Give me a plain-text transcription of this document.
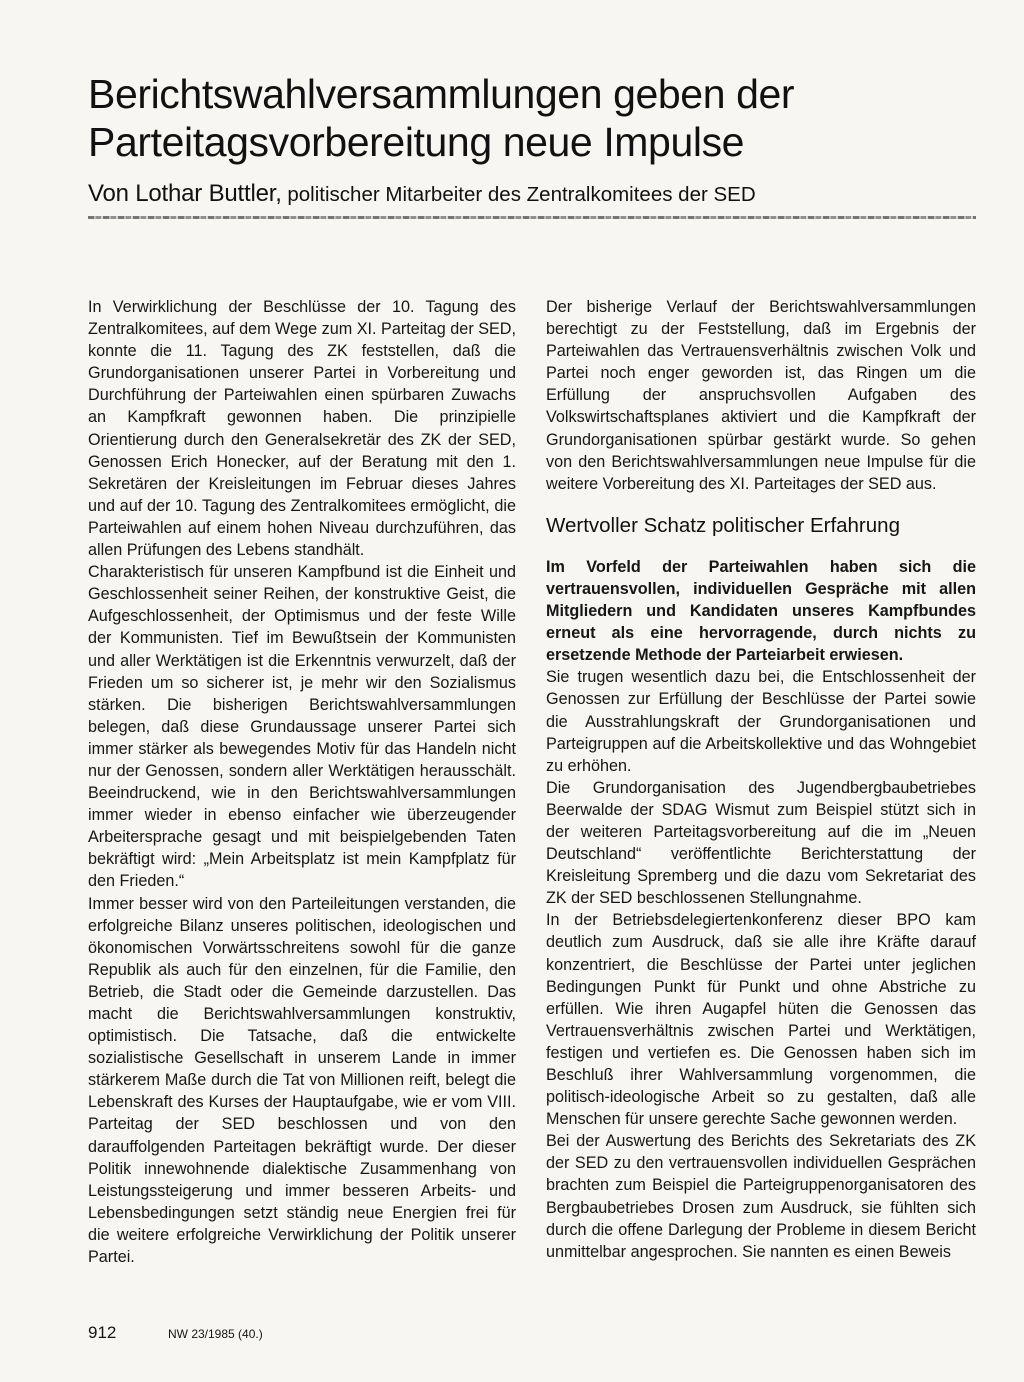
Berichtswahlversammlungen geben der Parteitagsvorbereitung neue Impulse
Von Lothar Buttler, politischer Mitarbeiter des Zentralkomitees der SED

In Verwirklichung der Beschlüsse der 10. Tagung des Zentralkomitees, auf dem Wege zum XI. Parteitag der SED, konnte die 11. Tagung des ZK feststellen, daß die Grundorganisationen unserer Partei in Vorbereitung und Durchführung der Parteiwahlen einen spürbaren Zuwachs an Kampfkraft gewonnen haben. Die prinzipielle Orientierung durch den Generalsekretär des ZK der SED, Genossen Erich Honecker, auf der Beratung mit den 1. Sekretären der Kreisleitungen im Februar dieses Jahres und auf der 10. Tagung des Zentralkomitees ermöglicht, die Parteiwahlen auf einem hohen Niveau durchzuführen, das allen Prüfungen des Lebens standhält.

Charakteristisch für unseren Kampfbund ist die Einheit und Geschlossenheit seiner Reihen, der konstruktive Geist, die Aufgeschlossenheit, der Optimismus und der feste Wille der Kommunisten. Tief im Bewußtsein der Kommunisten und aller Werktätigen ist die Erkenntnis verwurzelt, daß der Frieden um so sicherer ist, je mehr wir den Sozialismus stärken. Die bisherigen Berichtswahlversammlungen belegen, daß diese Grundaussage unserer Partei sich immer stärker als bewegendes Motiv für das Handeln nicht nur der Genossen, sondern aller Werktätigen herausschält. Beeindruckend, wie in den Berichtswahlversammlungen immer wieder in ebenso einfacher wie überzeugender Arbeitersprache gesagt und mit beispielgebenden Taten bekräftigt wird: „Mein Arbeitsplatz ist mein Kampfplatz für den Frieden.“

Immer besser wird von den Parteileitungen verstanden, die erfolgreiche Bilanz unseres politischen, ideologischen und ökonomischen Vorwärtsschreitens sowohl für die ganze Republik als auch für den einzelnen, für die Familie, den Betrieb, die Stadt oder die Gemeinde darzustellen. Das macht die Berichtswahlversammlungen konstruktiv, optimistisch. Die Tatsache, daß die entwickelte sozialistische Gesellschaft in unserem Lande in immer stärkerem Maße durch die Tat von Millionen reift, belegt die Lebenskraft des Kurses der Hauptaufgabe, wie er vom VIII. Parteitag der SED beschlossen und von den darauffolgenden Parteitagen bekräftigt wurde. Der dieser Politik innewohnende dialektische Zusammenhang von Leistungssteigerung und immer besseren Arbeits- und Lebensbedingungen setzt ständig neue Energien frei für die weitere erfolgreiche Verwirklichung der Politik unserer Partei.

Der bisherige Verlauf der Berichtswahlversammlungen berechtigt zu der Feststellung, daß im Ergebnis der Parteiwahlen das Vertrauensverhältnis zwischen Volk und Partei noch enger geworden ist, das Ringen um die Erfüllung der anspruchsvollen Aufgaben des Volkswirtschaftsplanes aktiviert und die Kampfkraft der Grundorganisationen spürbar gestärkt wurde. So gehen von den Berichtswahlversammlungen neue Impulse für die weitere Vorbereitung des XI. Parteitages der SED aus.

Wertvoller Schatz politischer Erfahrung

Im Vorfeld der Parteiwahlen haben sich die vertrauensvollen, individuellen Gespräche mit allen Mitgliedern und Kandidaten unseres Kampfbundes erneut als eine hervorragende, durch nichts zu ersetzende Methode der Parteiarbeit erwiesen.

Sie trugen wesentlich dazu bei, die Entschlossenheit der Genossen zur Erfüllung der Beschlüsse der Partei sowie die Ausstrahlungskraft der Grundorganisationen und Parteigruppen auf die Arbeitskollektive und das Wohngebiet zu erhöhen.

Die Grundorganisation des Jugendbergbaubetriebes Beerwalde der SDAG Wismut zum Beispiel stützt sich in der weiteren Parteitagsvorbereitung auf die im „Neuen Deutschland“ veröffentlichte Berichterstattung der Kreisleitung Spremberg und die dazu vom Sekretariat des ZK der SED beschlossenen Stellungnahme.

In der Betriebsdelegiertenkonferenz dieser BPO kam deutlich zum Ausdruck, daß sie alle ihre Kräfte darauf konzentriert, die Beschlüsse der Partei unter jeglichen Bedingungen Punkt für Punkt und ohne Abstriche zu erfüllen. Wie ihren Augapfel hüten die Genossen das Vertrauensverhältnis zwischen Partei und Werktätigen, festigen und vertiefen es. Die Genossen haben sich im Beschluß ihrer Wahlversammlung vorgenommen, die politisch-ideologische Arbeit so zu gestalten, daß alle Menschen für unsere gerechte Sache gewonnen werden.

Bei der Auswertung des Berichts des Sekretariats des ZK der SED zu den vertrauensvollen individuellen Gesprächen brachten zum Beispiel die Parteigruppenorganisatoren des Bergbaubetriebes Drosen zum Ausdruck, sie fühlten sich durch die offene Darlegung der Probleme in diesem Bericht unmittelbar angesprochen. Sie nannten es einen Beweis

912	NW 23/1985 (40.)
